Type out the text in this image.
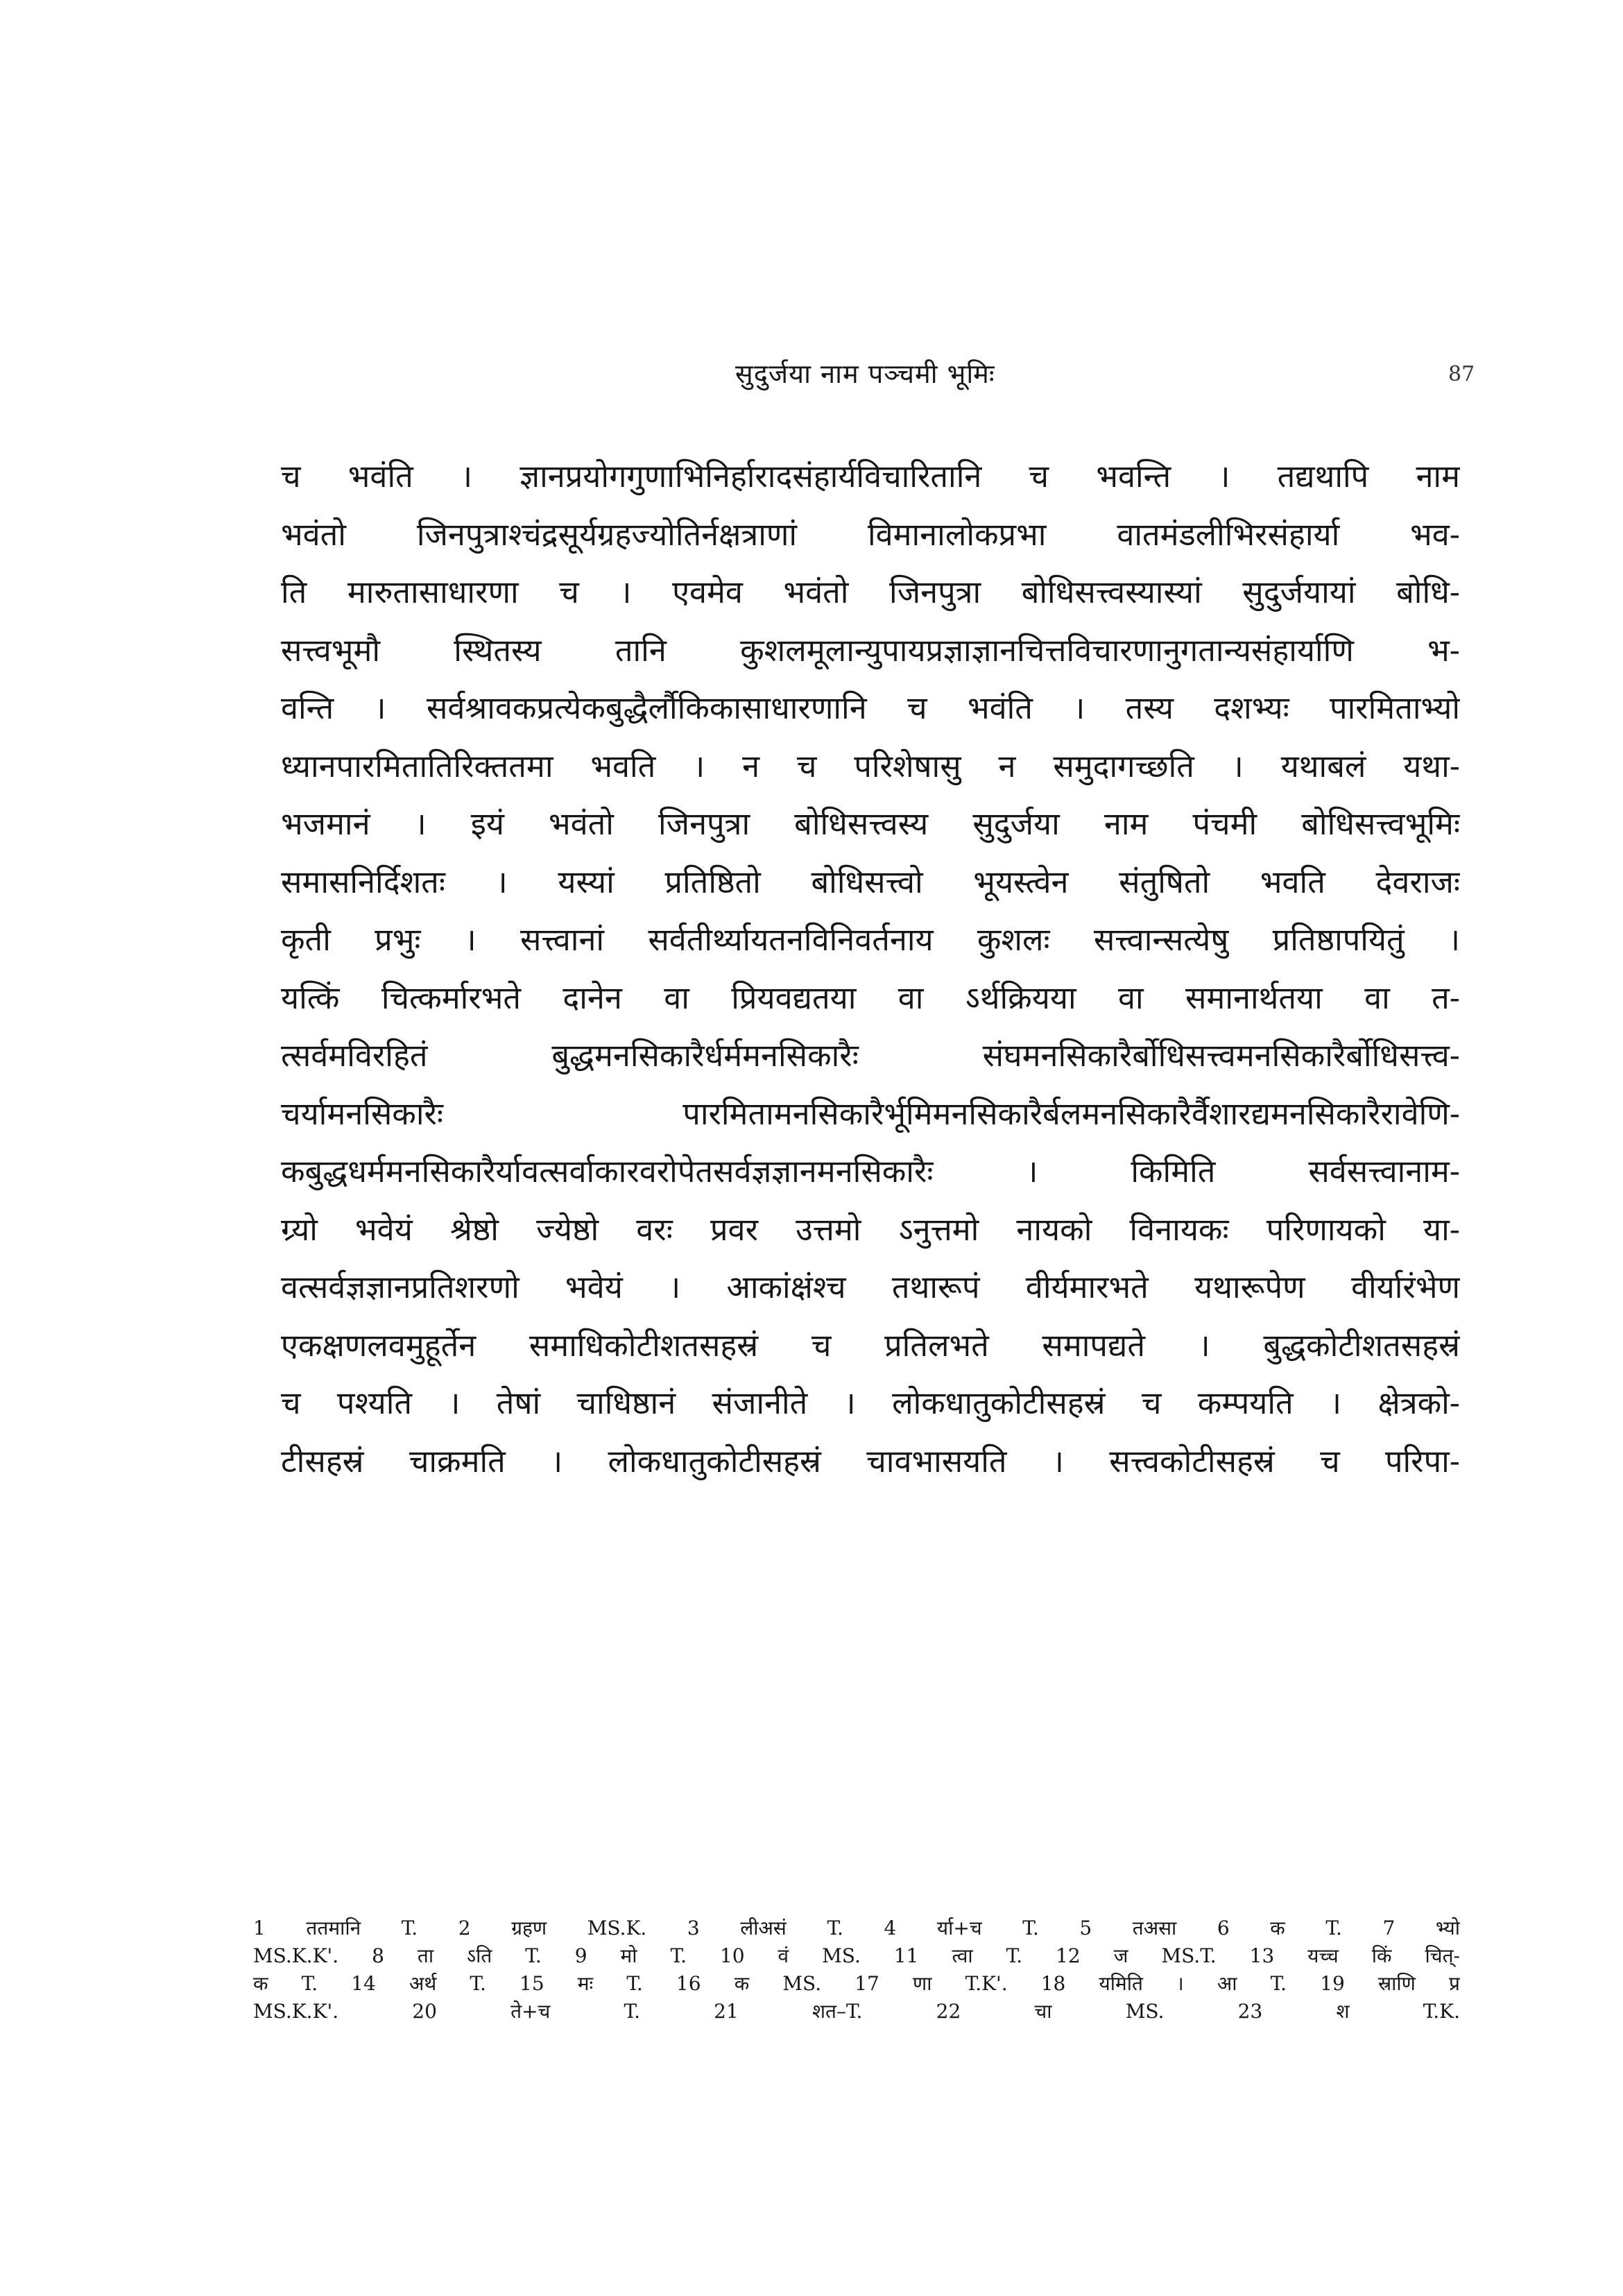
सुदुर्जया नाम पञ्चमी भूमिः	87
च भवंति । ज्ञानप्रयोगगुणाभिनिर्हारादसंहार्यविचारितानि च भवन्ति । तद्यथापि नाम
भवंतो जिनपुत्राश्चंद्रसूर्यग्रहज्योतिर्नक्षत्राणां विमानालोकप्रभा वातमंडलीभिरसंहार्या भव-
ति मारुतासाधारणा च । एवमेव भवंतो जिनपुत्रा बोधिसत्त्वस्यास्यां सुदुर्जयायां बोधि-
सत्त्वभूमौ स्थितस्य तानि कुशलमूलान्युपायप्रज्ञाज्ञानचित्तविचारणानुगतान्यसंहार्याणि भ-
वन्ति । सर्वश्रावकप्रत्येकबुद्धैर्लौकिकासाधारणानि च भवंति । तस्य दशभ्यः पारमिताभ्यो
ध्यानपारमितातिरिक्ततमा भवति । न च परिशेषासु न समुदागच्छति । यथाबलं यथा-
भजमानं । इयं भवंतो जिनपुत्रा बोधिसत्त्वस्य सुदुर्जया नाम पंचमी बोधिसत्त्वभूमिः
समासनिर्दिशतः । यस्यां प्रतिष्ठितो बोधिसत्त्वो भूयस्त्वेन संतुषितो भवति देवराजः
कृती प्रभुः । सत्त्वानां सर्वतीर्थ्यायतनविनिवर्तनाय कुशलः सत्त्वान्सत्येषु प्रतिष्ठापयितुं ।
यत्किं चित्कर्मारभते दानेन वा प्रियवद्यतया वा ऽर्थक्रियया वा समानार्थतया वा त-
त्सर्वमविरहितं बुद्धमनसिकारैर्धर्ममनसिकारैः संघमनसिकारैर्बोधिसत्त्वमनसिकारैर्बोधिसत्त्व-
चर्यामनसिकारैः पारमितामनसिकारैर्भूमिमनसिकारैर्बलमनसिकारैर्वैशारद्यमनसिकारैरावेणि-
कबुद्धधर्ममनसिकारैर्यावत्सर्वाकारवरोपेतसर्वज्ञज्ञानमनसिकारैः । किमिति सर्वसत्त्वानाम-
ग्र्यो भवेयं श्रेष्ठो ज्येष्ठो वरः प्रवर उत्तमो ऽनुत्तमो नायको विनायकः परिणायको या-
वत्सर्वज्ञज्ञानप्रतिशरणो भवेयं । आकांक्षंश्च तथारूपं वीर्यमारभते यथारूपेण वीर्यारंभेण
एकक्षणलवमुहूर्तेन समाधिकोटीशतसहस्रं च प्रतिलभते समापद्यते । बुद्धकोटीशतसहस्रं
च पश्यति । तेषां चाधिष्ठानं संजानीते । लोकधातुकोटीसहस्रं च कम्पयति । क्षेत्रको-
टीसहस्रं चाक्रमति । लोकधातुकोटीसहस्रं चावभासयति । सत्त्वकोटीसहस्रं च परिपा-
1 ततमानि T. 2 ग्रहण MS.K. 3 लीअसं T. 4 र्या+च T. 5 तअसा 6 क T. 7 भ्यो
MS.K.K'. 8 ता ऽति T. 9 मो T. 10 वं MS. 11 त्वा T. 12 ज MS.T. 13 यच्च किं चित्-
क T. 14 अर्थ T. 15 मः T. 16 क MS. 17 णा T.K'. 18 यमिति । आ T. 19 स्राणि प्र
MS.K.K'. 20 ते+च T. 21 शत–T. 22 चा MS. 23 श T.K.
